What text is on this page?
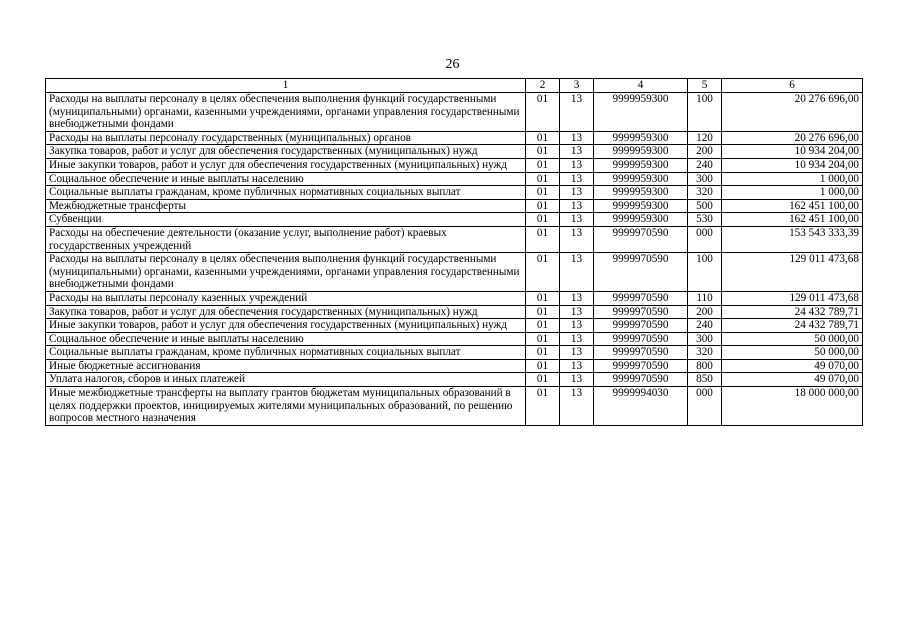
26
1	2	3	4	5	6
Расходы на выплаты персоналу в целях обеспечения выполнения функций государственными (муниципальными) органами, казенными учреждениями, органами управления государственными внебюджетными фондами	01	13	9999959300	100	20 276 696,00
Расходы на выплаты персоналу государственных (муниципальных) органов	01	13	9999959300	120	20 276 696,00
Закупка товаров, работ и услуг для обеспечения государственных (муниципальных) нужд	01	13	9999959300	200	10 934 204,00
Иные закупки товаров, работ и услуг для обеспечения государственных (муниципальных) нужд	01	13	9999959300	240	10 934 204,00
Социальное обеспечение и иные выплаты населению	01	13	9999959300	300	1 000,00
Социальные выплаты гражданам, кроме публичных нормативных социальных выплат	01	13	9999959300	320	1 000,00
Межбюджетные трансферты	01	13	9999959300	500	162 451 100,00
Субвенции	01	13	9999959300	530	162 451 100,00
Расходы на обеспечение деятельности (оказание услуг, выполнение работ) краевых государственных учреждений	01	13	9999970590	000	153 543 333,39
Расходы на выплаты персоналу в целях обеспечения выполнения функций государственными (муниципальными) органами, казенными учреждениями, органами управления государственными внебюджетными фондами	01	13	9999970590	100	129 011 473,68
Расходы на выплаты персоналу казенных учреждений	01	13	9999970590	110	129 011 473,68
Закупка товаров, работ и услуг для обеспечения государственных (муниципальных) нужд	01	13	9999970590	200	24 432 789,71
Иные закупки товаров, работ и услуг для обеспечения государственных (муниципальных) нужд	01	13	9999970590	240	24 432 789,71
Социальное обеспечение и иные выплаты населению	01	13	9999970590	300	50 000,00
Социальные выплаты гражданам, кроме публичных нормативных социальных выплат	01	13	9999970590	320	50 000,00
Иные бюджетные ассигнования	01	13	9999970590	800	49 070,00
Уплата налогов, сборов и иных платежей	01	13	9999970590	850	49 070,00
Иные межбюджетные трансферты на выплату грантов бюджетам муниципальных образований в целях поддержки проектов, инициируемых жителями муниципальных образований, по решению вопросов местного назначения	01	13	9999994030	000	18 000 000,00
